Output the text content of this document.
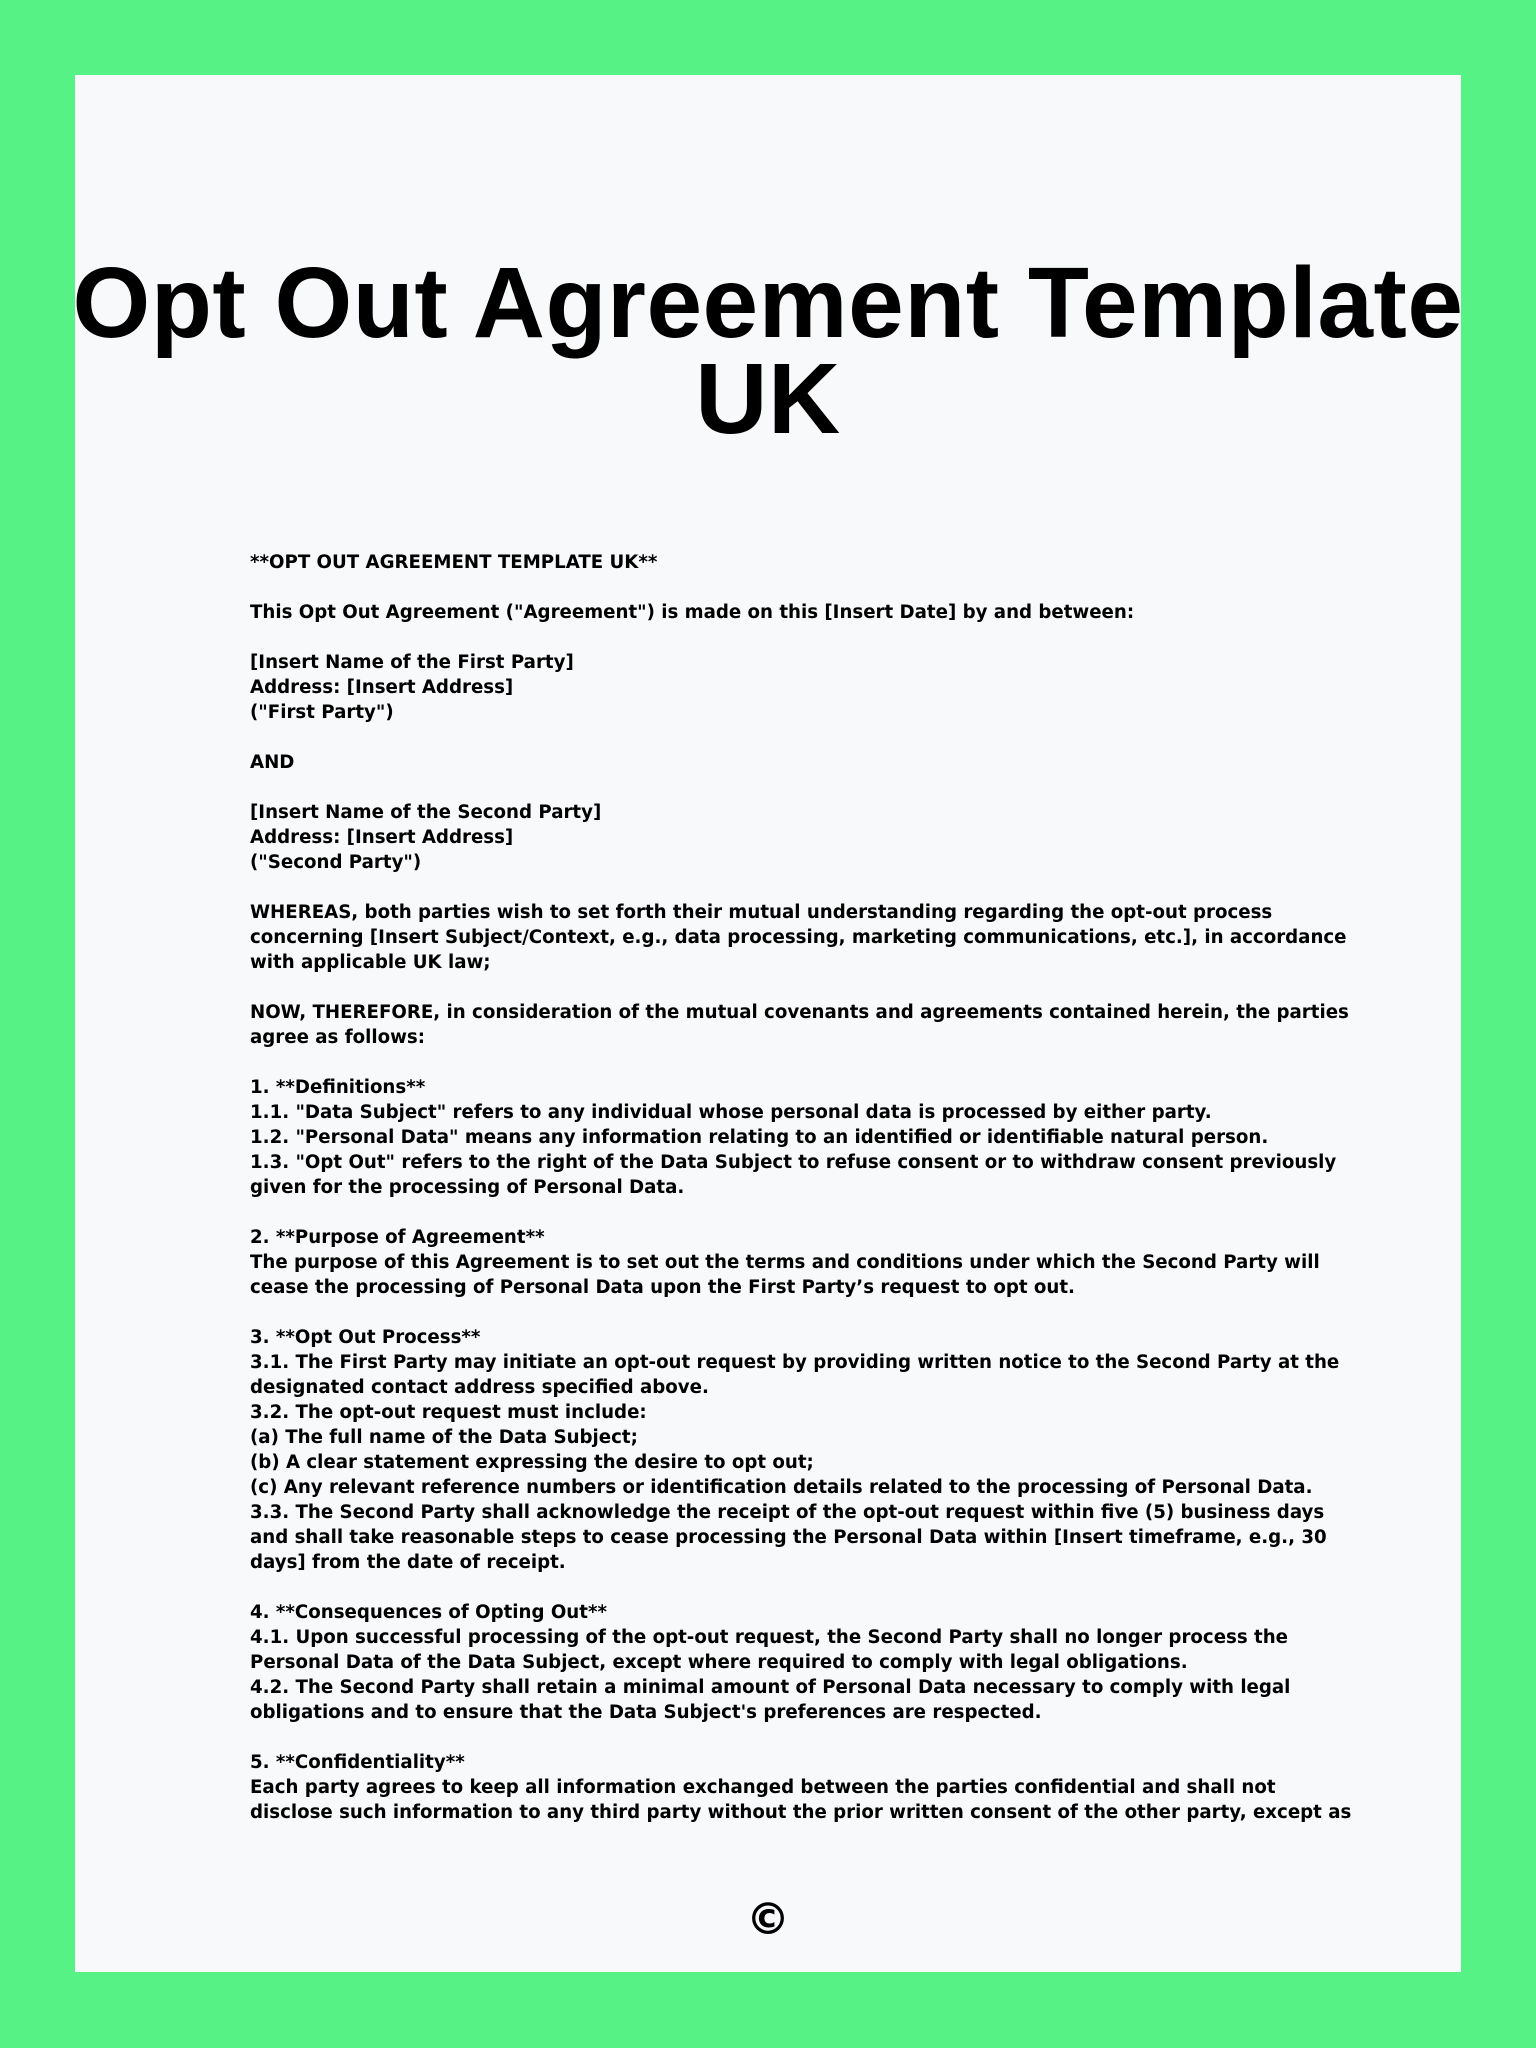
Opt Out Agreement Template
UK

**OPT OUT AGREEMENT TEMPLATE UK**

This Opt Out Agreement ("Agreement") is made on this [Insert Date] by and between:

[Insert Name of the First Party]
Address: [Insert Address]
("First Party")

AND

[Insert Name of the Second Party]
Address: [Insert Address]
("Second Party")

WHEREAS, both parties wish to set forth their mutual understanding regarding the opt-out process
concerning [Insert Subject/Context, e.g., data processing, marketing communications, etc.], in accordance
with applicable UK law;

NOW, THEREFORE, in consideration of the mutual covenants and agreements contained herein, the parties
agree as follows:

1. **Definitions**
1.1. "Data Subject" refers to any individual whose personal data is processed by either party.
1.2. "Personal Data" means any information relating to an identified or identifiable natural person.
1.3. "Opt Out" refers to the right of the Data Subject to refuse consent or to withdraw consent previously
given for the processing of Personal Data.

2. **Purpose of Agreement**
The purpose of this Agreement is to set out the terms and conditions under which the Second Party will
cease the processing of Personal Data upon the First Party’s request to opt out.

3. **Opt Out Process**
3.1. The First Party may initiate an opt-out request by providing written notice to the Second Party at the
designated contact address specified above.
3.2. The opt-out request must include:
(a) The full name of the Data Subject;
(b) A clear statement expressing the desire to opt out;
(c) Any relevant reference numbers or identification details related to the processing of Personal Data.
3.3. The Second Party shall acknowledge the receipt of the opt-out request within five (5) business days
and shall take reasonable steps to cease processing the Personal Data within [Insert timeframe, e.g., 30
days] from the date of receipt.

4. **Consequences of Opting Out**
4.1. Upon successful processing of the opt-out request, the Second Party shall no longer process the
Personal Data of the Data Subject, except where required to comply with legal obligations.
4.2. The Second Party shall retain a minimal amount of Personal Data necessary to comply with legal
obligations and to ensure that the Data Subject's preferences are respected.

5. **Confidentiality**
Each party agrees to keep all information exchanged between the parties confidential and shall not
disclose such information to any third party without the prior written consent of the other party, except as

©
